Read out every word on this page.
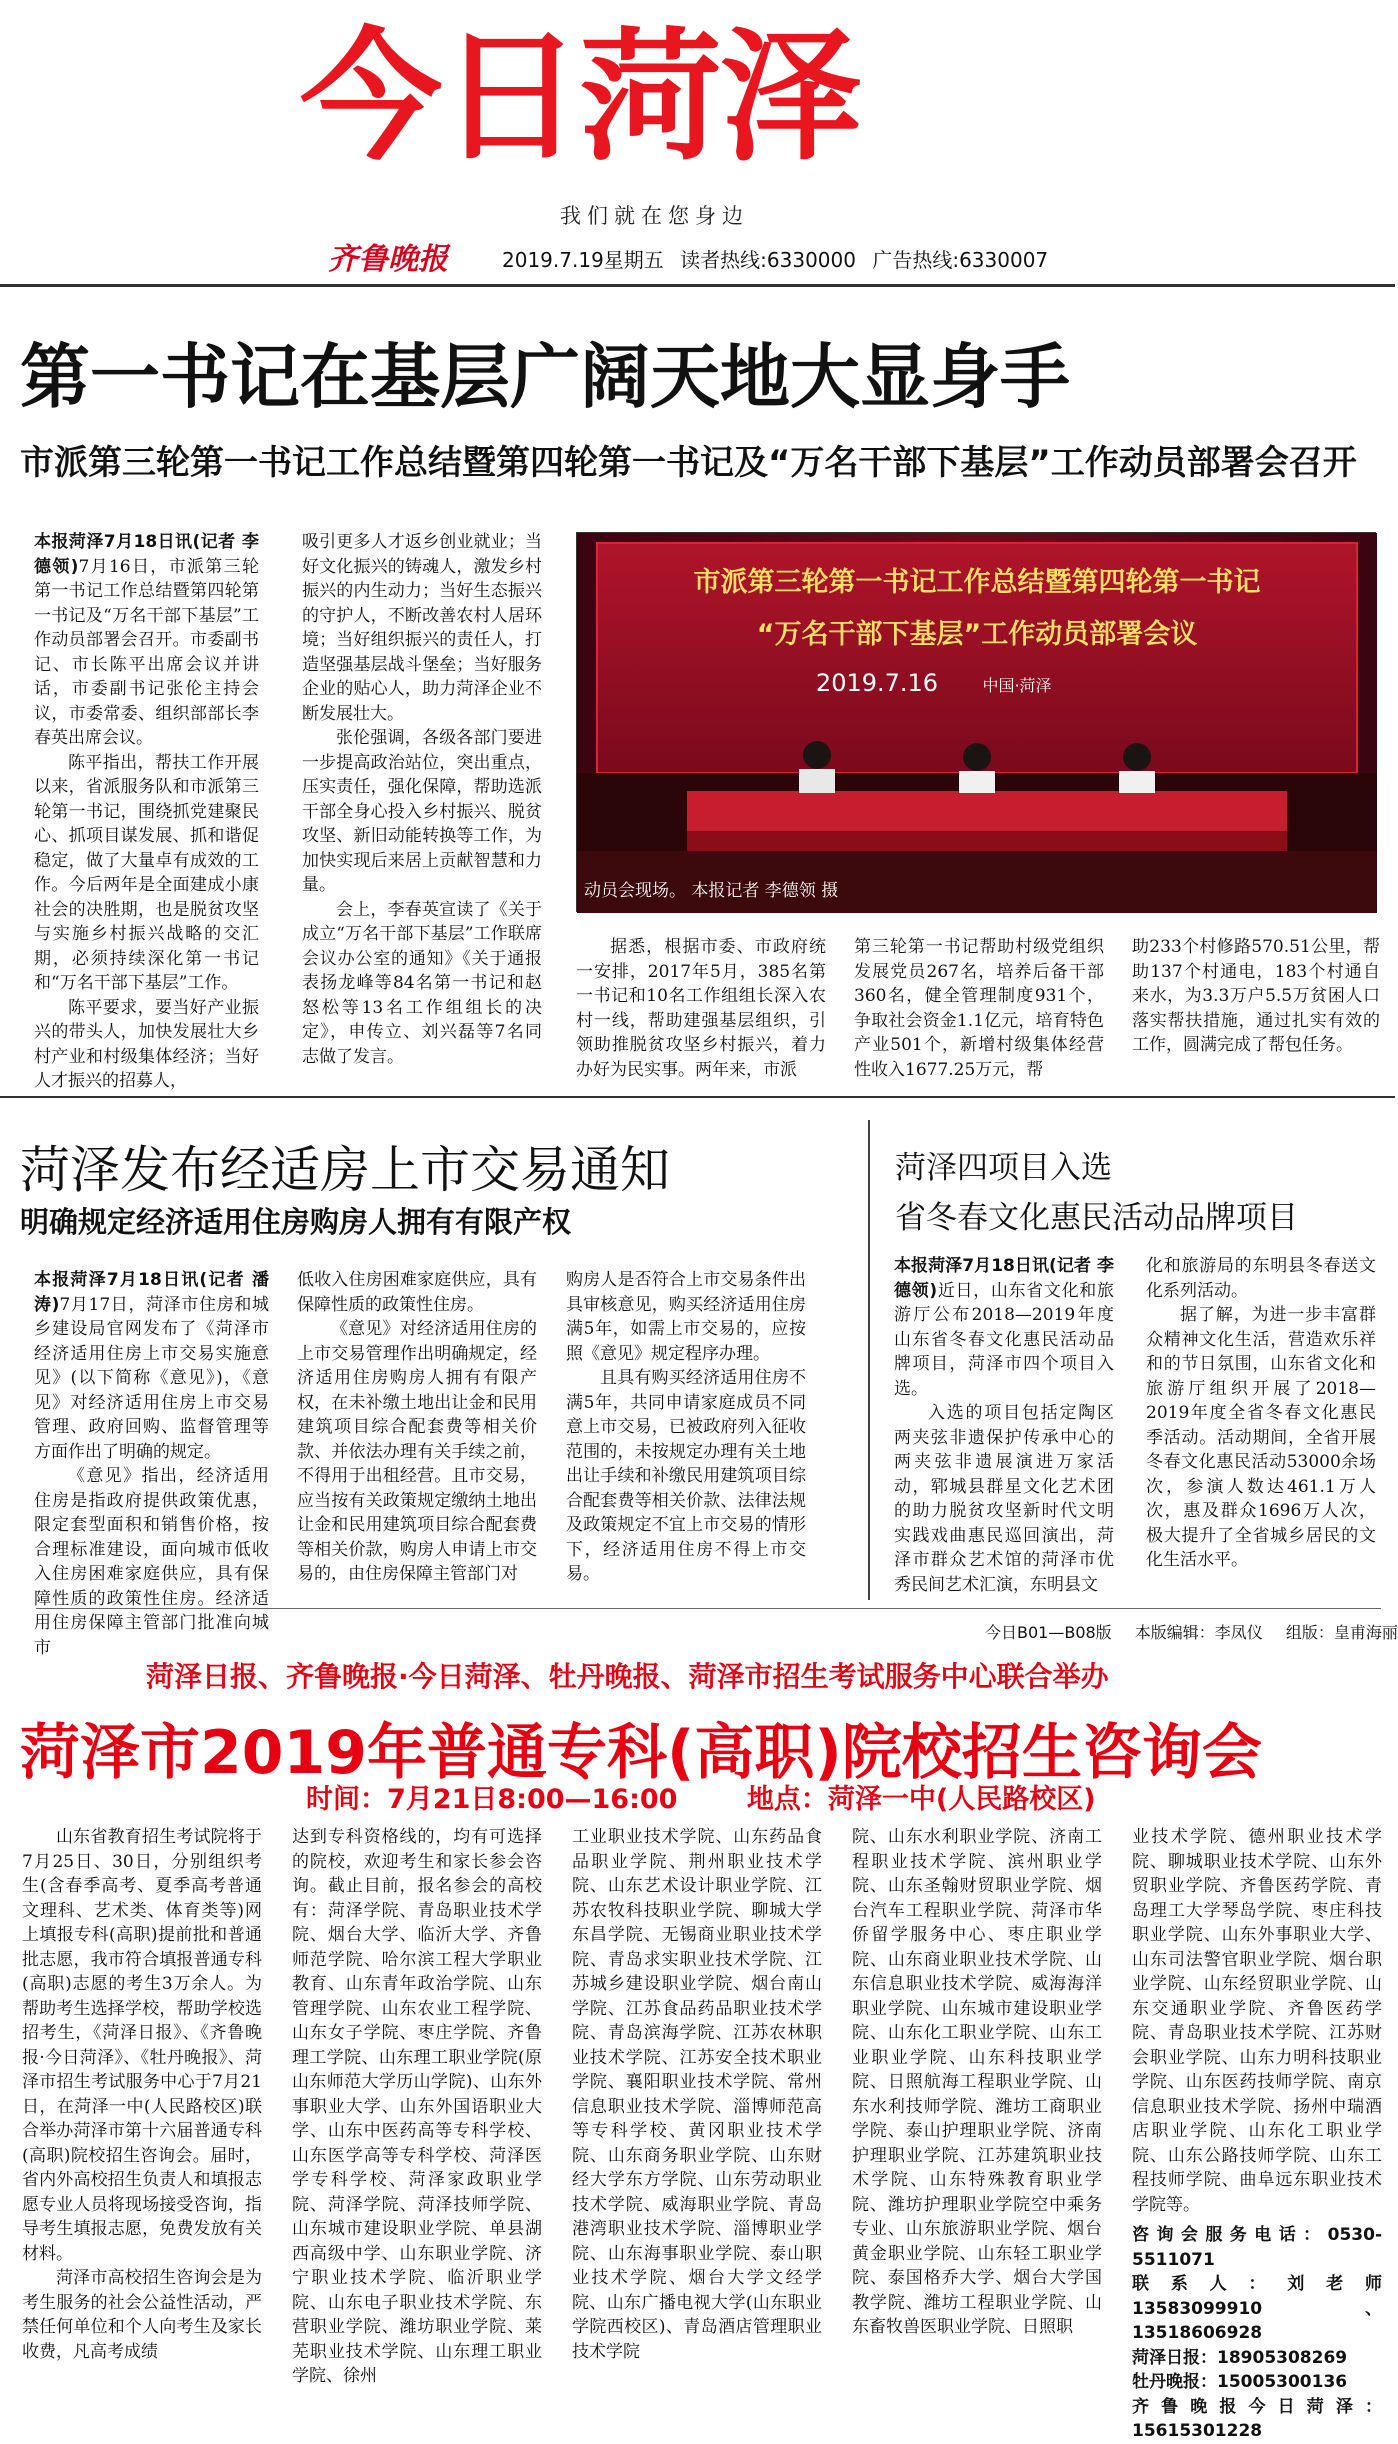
今日菏泽
我们就在您身边
齐鲁晚报	2019.7.19星期五 读者热线:6330000 广告热线:6330007
第一书记在基层广阔天地大显身手
市派第三轮第一书记工作总结暨第四轮第一书记及“万名干部下基层”工作动员部署会召开

本报菏泽7月18日讯(记者 李德领)7月16日，市派第三轮第一书记工作总结暨第四轮第一书记及“万名干部下基层”工作动员部署会召开。市委副书记、市长陈平出席会议并讲话，市委副书记张伦主持会议，市委常委、组织部部长李春英出席会议。

陈平指出，帮扶工作开展以来，省派服务队和市派第三轮第一书记，围绕抓党建聚民心、抓项目谋发展、抓和谐促稳定，做了大量卓有成效的工作。今后两年是全面建成小康社会的决胜期，也是脱贫攻坚与实施乡村振兴战略的交汇期，必须持续深化第一书记和“万名干部下基层”工作。

陈平要求，要当好产业振兴的带头人，加快发展壮大乡村产业和村级集体经济；当好人才振兴的招募人，

吸引更多人才返乡创业就业；当好文化振兴的铸魂人，激发乡村振兴的内生动力；当好生态振兴的守护人，不断改善农村人居环境；当好组织振兴的责任人，打造坚强基层战斗堡垒；当好服务企业的贴心人，助力菏泽企业不断发展壮大。

张伦强调，各级各部门要进一步提高政治站位，突出重点，压实责任，强化保障，帮助选派干部全身心投入乡村振兴、脱贫攻坚、新旧动能转换等工作，为加快实现后来居上贡献智慧和力量。

会上，李春英宣读了《关于成立“万名干部下基层”工作联席会议办公室的通知》《关于通报表扬龙峰等84名第一书记和赵怒松等13名工作组组长的决定》，申传立、刘兴磊等7名同志做了发言。

市派第三轮第一书记工作总结暨第四轮第一书记
“万名干部下基层”工作动员部署会议
2019.7.16	中国·菏泽
动员会现场。 本报记者 李德领 摄

据悉，根据市委、市政府统一安排，2017年5月，385名第一书记和10名工作组组长深入农村一线，帮助建强基层组织，引领助推脱贫攻坚乡村振兴，着力办好为民实事。两年来，市派

第三轮第一书记帮助村级党组织发展党员267名，培养后备干部360名，健全管理制度931个，争取社会资金1.1亿元，培育特色产业501个，新增村级集体经营性收入1677.25万元，帮

助233个村修路570.51公里，帮助137个村通电，183个村通自来水，为3.3万户5.5万贫困人口落实帮扶措施，通过扎实有效的工作，圆满完成了帮包任务。

菏泽发布经适房上市交易通知
明确规定经济适用住房购房人拥有有限产权

本报菏泽7月18日讯(记者 潘涛)7月17日，菏泽市住房和城乡建设局官网发布了《菏泽市经济适用住房上市交易实施意见》(以下简称《意见》)，《意见》对经济适用住房上市交易管理、政府回购、监督管理等方面作出了明确的规定。

《意见》指出，经济适用住房是指政府提供政策优惠，限定套型面积和销售价格，按合理标准建设，面向城市低收入住房困难家庭供应，具有保障性质的政策性住房。经济适用住房保障主管部门批准向城市

低收入住房困难家庭供应，具有保障性质的政策性住房。

《意见》对经济适用住房的上市交易管理作出明确规定，经济适用住房购房人拥有有限产权，在未补缴土地出让金和民用建筑项目综合配套费等相关价款、并依法办理有关手续之前，不得用于出租经营。且市交易，应当按有关政策规定缴纳土地出让金和民用建筑项目综合配套费等相关价款，购房人申请上市交易的，由住房保障主管部门对

购房人是否符合上市交易条件出具审核意见，购买经济适用住房满5年，如需上市交易的，应按照《意见》规定程序办理。

且具有购买经济适用住房不满5年，共同申请家庭成员不同意上市交易，已被政府列入征收范围的，未按规定办理有关土地出让手续和补缴民用建筑项目综合配套费等相关价款、法律法规及政策规定不宜上市交易的情形下，经济适用住房不得上市交易。

菏泽四项目入选
省冬春文化惠民活动品牌项目

本报菏泽7月18日讯(记者 李德领)近日，山东省文化和旅游厅公布2018—2019年度山东省冬春文化惠民活动品牌项目，菏泽市四个项目入选。

入选的项目包括定陶区两夹弦非遗保护传承中心的两夹弦非遗展演进万家活动，郓城县群星文化艺术团的助力脱贫攻坚新时代文明实践戏曲惠民巡回演出，菏泽市群众艺术馆的菏泽市优秀民间艺术汇演，东明县文

化和旅游局的东明县冬春送文化系列活动。

据了解，为进一步丰富群众精神文化生活，营造欢乐祥和的节日氛围，山东省文化和旅游厅组织开展了2018—2019年度全省冬春文化惠民季活动。活动期间，全省开展冬春文化惠民活动53000余场次，参演人数达461.1万人次，惠及群众1696万人次，极大提升了全省城乡居民的文化生活水平。

今日B01—B08版 本版编辑：李凤仪 组版：皇甫海丽
菏泽日报、齐鲁晚报·今日菏泽、牡丹晚报、菏泽市招生考试服务中心联合举办
菏泽市2019年普通专科(高职)院校招生咨询会
时间：7月21日8:00—16:00	地点：菏泽一中(人民路校区)

山东省教育招生考试院将于7月25日、30日，分别组织考生(含春季高考、夏季高考普通文理科、艺术类、体育类等)网上填报专科(高职)提前批和普通批志愿，我市符合填报普通专科(高职)志愿的考生3万余人。为帮助考生选择学校，帮助学校选招考生，《菏泽日报》、《齐鲁晚报·今日菏泽》、《牡丹晚报》、菏泽市招生考试服务中心于7月21日，在菏泽一中(人民路校区)联合举办菏泽市第十六届普通专科(高职)院校招生咨询会。届时，省内外高校招生负责人和填报志愿专业人员将现场接受咨询，指导考生填报志愿，免费发放有关材料。

菏泽市高校招生咨询会是为考生服务的社会公益性活动，严禁任何单位和个人向考生及家长收费，凡高考成绩

达到专科资格线的，均有可选择的院校，欢迎考生和家长参会咨询。截止目前，报名参会的高校有：菏泽学院、青岛职业技术学院、烟台大学、临沂大学、齐鲁师范学院、哈尔滨工程大学职业教育、山东青年政治学院、山东管理学院、山东农业工程学院、山东女子学院、枣庄学院、齐鲁理工学院、山东理工职业学院(原山东师范大学历山学院)、山东外事职业大学、山东外国语职业大学、山东中医药高等专科学校、山东医学高等专科学校、菏泽医学专科学校、菏泽家政职业学院、菏泽学院、菏泽技师学院、山东城市建设职业学院、单县湖西高级中学、山东职业学院、济宁职业技术学院、临沂职业学院、山东电子职业技术学院、东营职业学院、潍坊职业学院、莱芜职业技术学院、山东理工职业学院、徐州

工业职业技术学院、山东药品食品职业学院、荆州职业技术学院、山东艺术设计职业学院、江苏农牧科技职业学院、聊城大学东昌学院、无锡商业职业技术学院、青岛求实职业技术学院、江苏城乡建设职业学院、烟台南山学院、江苏食品药品职业技术学院、青岛滨海学院、江苏农林职业技术学院、江苏安全技术职业学院、襄阳职业技术学院、常州信息职业技术学院、淄博师范高等专科学校、黄冈职业技术学院、山东商务职业学院、山东财经大学东方学院、山东劳动职业技术学院、威海职业学院、青岛港湾职业技术学院、淄博职业学院、山东海事职业学院、泰山职业技术学院、烟台大学文经学院、山东广播电视大学(山东职业学院西校区)、青岛酒店管理职业技术学院

院、山东水利职业学院、济南工程职业技术学院、滨州职业学院、山东圣翰财贸职业学院、烟台汽车工程职业学院、菏泽市华侨留学服务中心、枣庄职业学院、山东商业职业技术学院、山东信息职业技术学院、威海海洋职业学院、山东城市建设职业学院、山东化工职业学院、山东工业职业学院、山东科技职业学院、日照航海工程职业学院、山东水利技师学院、潍坊工商职业学院、泰山护理职业学院、济南护理职业学院、江苏建筑职业技术学院、山东特殊教育职业学院、潍坊护理职业学院空中乘务专业、山东旅游职业学院、烟台黄金职业学院、山东轻工职业学院、泰国格乔大学、烟台大学国教学院、潍坊工程职业学院、山东畜牧兽医职业学院、日照职

业技术学院、德州职业技术学院、聊城职业技术学院、山东外贸职业学院、齐鲁医药学院、青岛理工大学琴岛学院、枣庄科技职业学院、山东外事职业大学、山东司法警官职业学院、烟台职业学院、山东经贸职业学院、山东交通职业学院、齐鲁医药学院、青岛职业技术学院、江苏财会职业学院、山东力明科技职业学院、山东医药技师学院、南京信息职业技术学院、扬州中瑞酒店职业学院、山东化工职业学院、山东公路技师学院、山东工程技师学院、曲阜远东职业技术学院等。

咨询会服务电话：0530-5511071

联系人：刘老师13583099910、13518606928

菏泽日报：18905308269

牡丹晚报：15005300136

齐鲁晚报今日菏泽：15615301228
